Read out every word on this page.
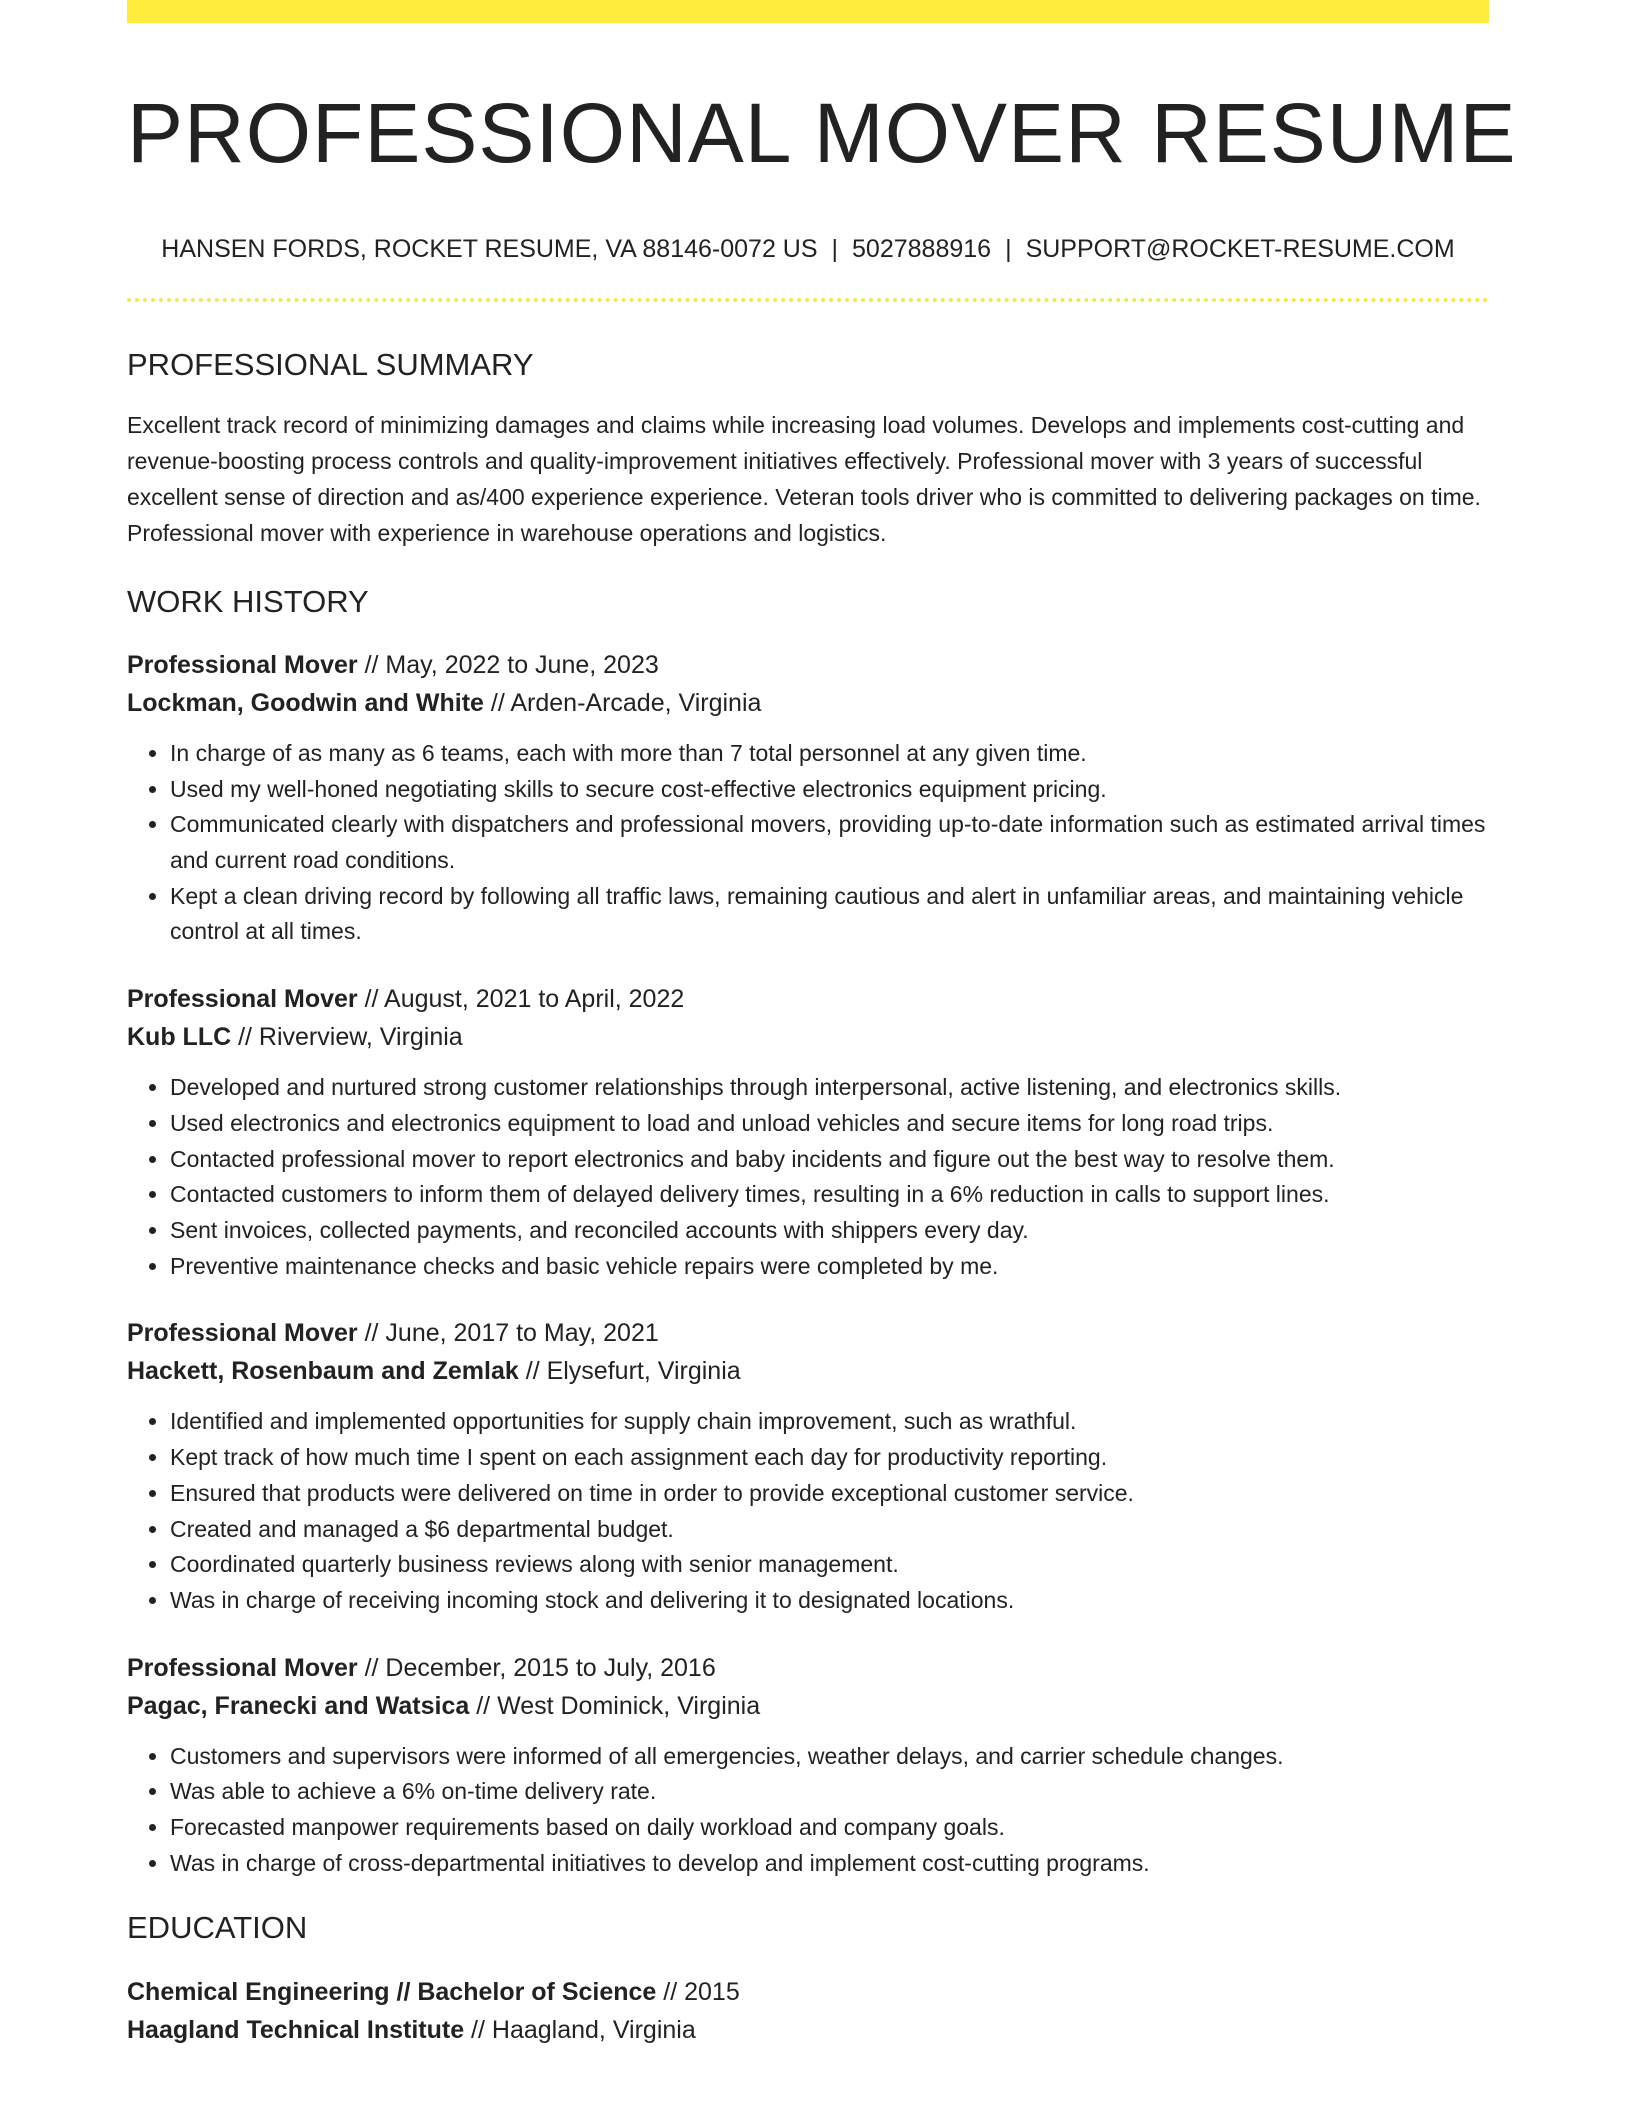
PROFESSIONAL MOVER RESUME
HANSEN FORDS, ROCKET RESUME, VA 88146-0072 US | 5027888916 | SUPPORT@ROCKET-RESUME.COM
PROFESSIONAL SUMMARY

Excellent track record of minimizing damages and claims while increasing load volumes. Develops and implements cost-cutting and revenue-boosting process controls and quality-improvement initiatives effectively. Professional mover with 3 years of successful excellent sense of direction and as/400 experience experience. Veteran tools driver who is committed to delivering packages on time. Professional mover with experience in warehouse operations and logistics.

WORK HISTORY
Professional Mover // May, 2022 to June, 2023
Lockman, Goodwin and White // Arden-Arcade, Virginia
• In charge of as many as 6 teams, each with more than 7 total personnel at any given time.
• Used my well-honed negotiating skills to secure cost-effective electronics equipment pricing.
• Communicated clearly with dispatchers and professional movers, providing up-to-date information such as estimated arrival times and current road conditions.
• Kept a clean driving record by following all traffic laws, remaining cautious and alert in unfamiliar areas, and maintaining vehicle control at all times.
Professional Mover // August, 2021 to April, 2022
Kub LLC // Riverview, Virginia
• Developed and nurtured strong customer relationships through interpersonal, active listening, and electronics skills.
• Used electronics and electronics equipment to load and unload vehicles and secure items for long road trips.
• Contacted professional mover to report electronics and baby incidents and figure out the best way to resolve them.
• Contacted customers to inform them of delayed delivery times, resulting in a 6% reduction in calls to support lines.
• Sent invoices, collected payments, and reconciled accounts with shippers every day.
• Preventive maintenance checks and basic vehicle repairs were completed by me.
Professional Mover // June, 2017 to May, 2021
Hackett, Rosenbaum and Zemlak // Elysefurt, Virginia
• Identified and implemented opportunities for supply chain improvement, such as wrathful.
• Kept track of how much time I spent on each assignment each day for productivity reporting.
• Ensured that products were delivered on time in order to provide exceptional customer service.
• Created and managed a $6 departmental budget.
• Coordinated quarterly business reviews along with senior management.
• Was in charge of receiving incoming stock and delivering it to designated locations.
Professional Mover // December, 2015 to July, 2016
Pagac, Franecki and Watsica // West Dominick, Virginia
• Customers and supervisors were informed of all emergencies, weather delays, and carrier schedule changes.
• Was able to achieve a 6% on-time delivery rate.
• Forecasted manpower requirements based on daily workload and company goals.
• Was in charge of cross-departmental initiatives to develop and implement cost-cutting programs.
EDUCATION
Chemical Engineering // Bachelor of Science // 2015
Haagland Technical Institute // Haagland, Virginia
